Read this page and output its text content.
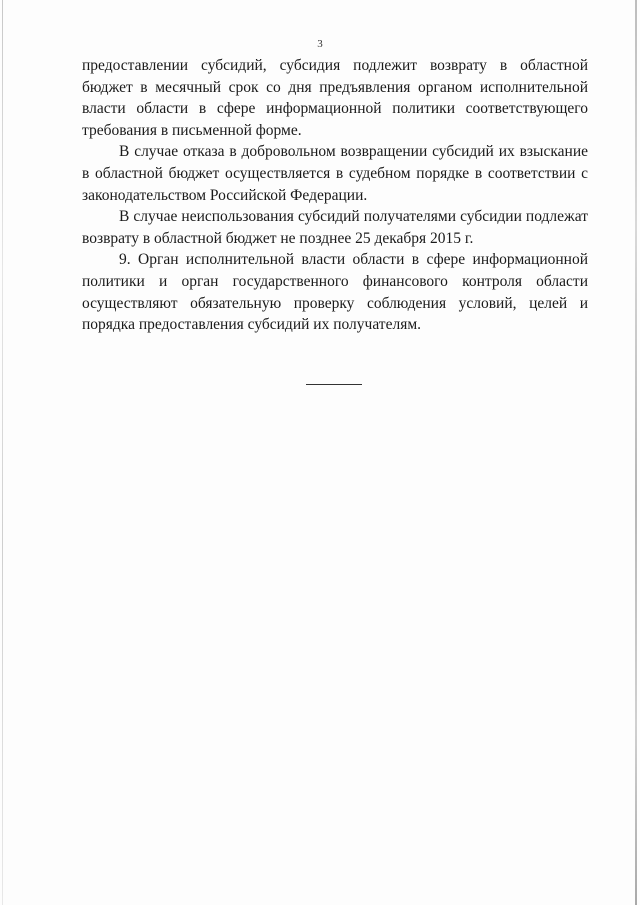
3

предоставлении субсидий, субсидия подлежит возврату в областной бюджет в месячный срок со дня предъявления органом исполнительной власти области в сфере информационной политики соответствующего требования в письменной форме.

В случае отказа в добровольном возвращении субсидий их взыскание в областной бюджет осуществляется в судебном порядке в соответствии с законодательством Российской Федерации.

В случае неиспользования субсидий получателями субсидии подлежат возврату в областной бюджет не позднее 25 декабря 2015 г.

9. Орган исполнительной власти области в сфере информационной политики и орган государственного финансового контроля области осуществляют обязательную проверку соблюдения условий, целей и порядка предоставления субсидий их получателям.
